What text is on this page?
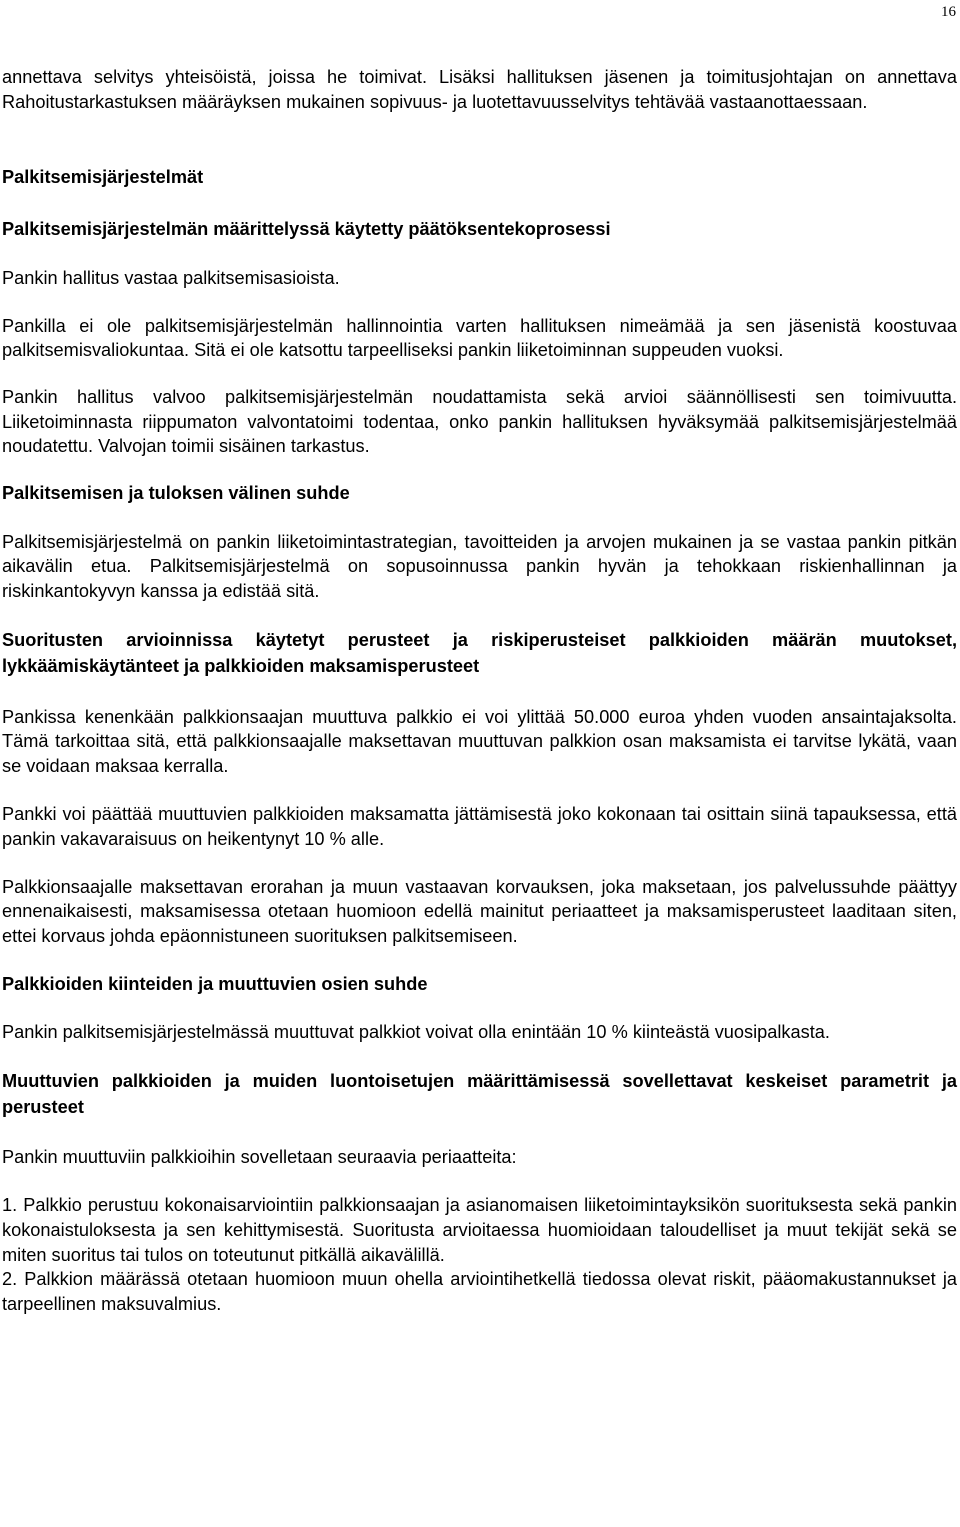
16

annettava selvitys yhteisöistä, joissa he toimivat. Lisäksi hallituksen jäsenen ja toimitusjohtajan on annettava Rahoitustarkastuksen määräyksen mukainen sopivuus- ja luotettavuusselvitys tehtävää vastaanottaessaan.

Palkitsemisjärjestelmät
Palkitsemisjärjestelmän määrittelyssä käytetty päätöksentekoprosessi

Pankin hallitus vastaa palkitsemisasioista.

Pankilla ei ole palkitsemisjärjestelmän hallinnointia varten hallituksen nimeämää ja sen jäsenistä koostuvaa palkitsemisvaliokuntaa. Sitä ei ole katsottu tarpeelliseksi pankin liiketoiminnan suppeuden vuoksi.

Pankin hallitus valvoo palkitsemisjärjestelmän noudattamista sekä arvioi säännöllisesti sen toimivuutta. Liiketoiminnasta riippumaton valvontatoimi todentaa, onko pankin hallituksen hyväksymää palkitsemisjärjestelmää noudatettu. Valvojan toimii sisäinen tarkastus.

Palkitsemisen ja tuloksen välinen suhde

Palkitsemisjärjestelmä on pankin liiketoimintastrategian, tavoitteiden ja arvojen mukainen ja se vastaa pankin pitkän aikavälin etua. Palkitsemisjärjestelmä on sopusoinnussa pankin hyvän ja tehokkaan riskienhallinnan ja riskinkantokyvyn kanssa ja edistää sitä.

Suoritusten arvioinnissa käytetyt perusteet ja riskiperusteiset palkkioiden määrän muutokset, lykkäämiskäytänteet ja palkkioiden maksamisperusteet

Pankissa kenenkään palkkionsaajan muuttuva palkkio ei voi ylittää 50.000 euroa yhden vuoden ansaintajaksolta. Tämä tarkoittaa sitä, että palkkionsaajalle maksettavan muuttuvan palkkion osan maksamista ei tarvitse lykätä, vaan se voidaan maksaa kerralla.

Pankki voi päättää muuttuvien palkkioiden maksamatta jättämisestä joko kokonaan tai osittain siinä tapauksessa, että pankin vakavaraisuus on heikentynyt 10 % alle.

Palkkionsaajalle maksettavan erorahan ja muun vastaavan korvauksen, joka maksetaan, jos palvelussuhde päättyy ennenaikaisesti, maksamisessa otetaan huomioon edellä mainitut periaatteet ja maksamisperusteet laaditaan siten, ettei korvaus johda epäonnistuneen suorituksen palkitsemiseen.

Palkkioiden kiinteiden ja muuttuvien osien suhde

Pankin palkitsemisjärjestelmässä muuttuvat palkkiot voivat olla enintään 10 % kiinteästä vuosipalkasta.

Muuttuvien palkkioiden ja muiden luontoisetujen määrittämisessä sovellettavat keskeiset parametrit ja perusteet

Pankin muuttuviin palkkioihin sovelletaan seuraavia periaatteita:

1. Palkkio perustuu kokonaisarviointiin palkkionsaajan ja asianomaisen liiketoimintayksikön suorituksesta sekä pankin kokonaistuloksesta ja sen kehittymisestä. Suoritusta arvioitaessa huomioidaan taloudelliset ja muut tekijät sekä se miten suoritus tai tulos on toteutunut pitkällä aikavälillä.
2. Palkkion määrässä otetaan huomioon muun ohella arviointihetkellä tiedossa olevat riskit, pääomakustannukset ja tarpeellinen maksuvalmius.
